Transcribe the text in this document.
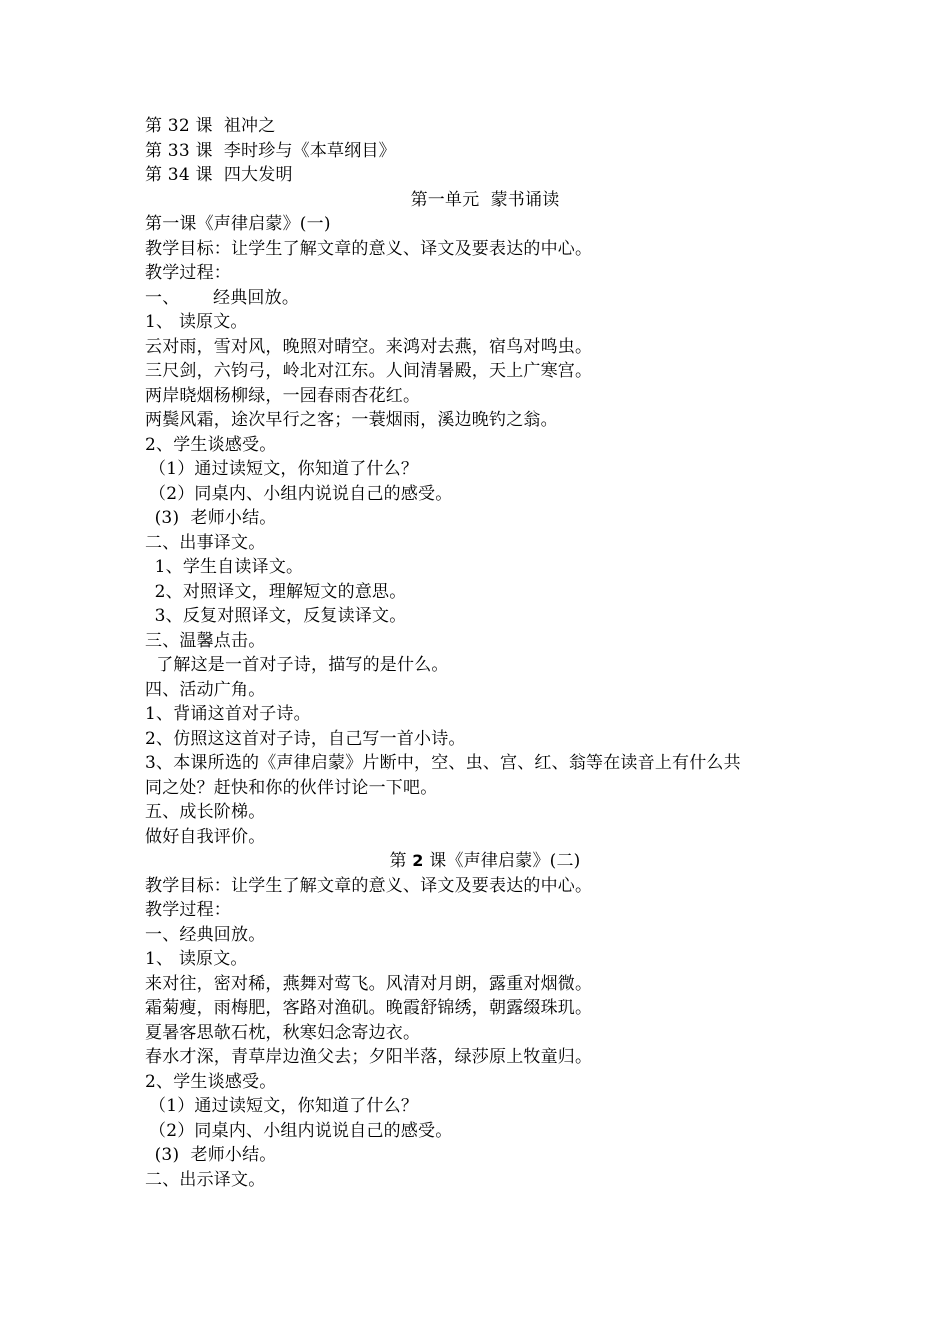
第 32 课  祖冲之
第 33 课  李时珍与《本草纲目》
第 34 课  四大发明
第一单元  蒙书诵读
第一课《声律启蒙》(一)
教学目标：让学生了解文章的意义、译文及要表达的中心。
教学过程：
一、      经典回放。
1、 读原文。
云对雨，雪对风，晚照对晴空。来鸿对去燕，宿鸟对鸣虫。
三尺剑，六钧弓，岭北对江东。人间清暑殿，天上广寒宫。
两岸晓烟杨柳绿，一园春雨杏花红。
两鬓风霜，途次早行之客；一蓑烟雨，溪边晚钓之翁。
2、学生谈感受。
（1）通过读短文，你知道了什么？
（2）同桌内、小组内说说自己的感受。
(3)  老师小结。
二、出事译文。
1、学生自读译文。
2、对照译文，理解短文的意思。
3、反复对照译文，反复读译文。
三、温馨点击。
了解这是一首对子诗，描写的是什么。
四、活动广角。
1、背诵这首对子诗。
2、仿照这这首对子诗，自己写一首小诗。
3、本课所选的《声律启蒙》片断中，空、虫、宫、红、翁等在读音上有什么共
同之处？赶快和你的伙伴讨论一下吧。
五、成长阶梯。
做好自我评价。
第 2 课《声律启蒙》(二)
教学目标：让学生了解文章的意义、译文及要表达的中心。
教学过程：
一、经典回放。
1、 读原文。
来对往，密对稀，燕舞对莺飞。风清对月朗，露重对烟微。
霜菊瘦，雨梅肥，客路对渔矶。晚霞舒锦绣，朝露缀珠玑。
夏暑客思欹石枕，秋寒妇念寄边衣。
春水才深，青草岸边渔父去；夕阳半落，绿莎原上牧童归。
2、学生谈感受。
（1）通过读短文，你知道了什么？
（2）同桌内、小组内说说自己的感受。
(3)  老师小结。
二、出示译文。
